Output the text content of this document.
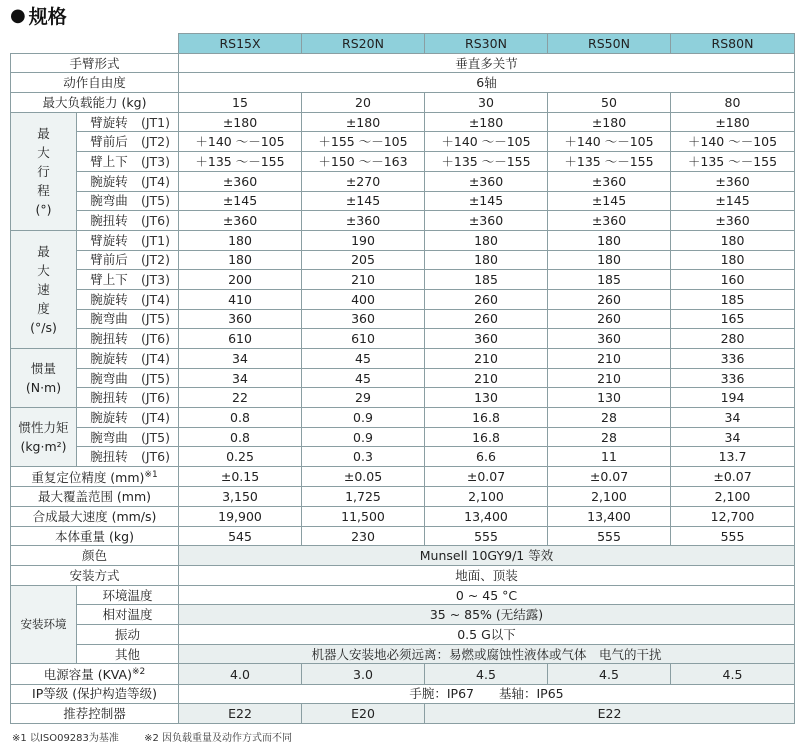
● 规格
		RS15X	RS20N	RS30N	RS50N	RS80N
手臂形式		垂直多关节				
动作自由度		6轴				
最大负载能力 (kg)		15	20	30	50	80
最
大
行
程
(°)	臂旋转 (JT1)	±180	±180	±180	±180	±180
	臂前后 (JT2)	＋140 ～－105	＋155 ～－105	＋140 ～－105	＋140 ～－105	＋140 ～－105
	臂上下 (JT3)	＋135 ～－155	＋150 ～－163	＋135 ～－155	＋135 ～－155	＋135 ～－155
	腕旋转 (JT4)	±360	±270	±360	±360	±360
	腕弯曲 (JT5)	±145	±145	±145	±145	±145
	腕扭转 (JT6)	±360	±360	±360	±360	±360
最
大
速
度
(°/s)	臂旋转 (JT1)	180	190	180	180	180
	臂前后 (JT2)	180	205	180	180	180
	臂上下 (JT3)	200	210	185	185	160
	腕旋转 (JT4)	410	400	260	260	185
	腕弯曲 (JT5)	360	360	260	260	165
	腕扭转 (JT6)	610	610	360	360	280
惯量
(N·m)	腕旋转 (JT4)	34	45	210	210	336
	腕弯曲 (JT5)	34	45	210	210	336
	腕扭转 (JT6)	22	29	130	130	194
惯性力矩
(kg·m²)	腕旋转 (JT4)	0.8	0.9	16.8	28	34
	腕弯曲 (JT5)	0.8	0.9	16.8	28	34
	腕扭转 (JT6)	0.25	0.3	6.6	11	13.7
重复定位精度 (mm)$^{※1}$		±0.15	±0.05	±0.07	±0.07	±0.07
最大覆盖范围 (mm)		3,150	1,725	2,100	2,100	2,100
合成最大速度 (mm/s)		19,900	11,500	13,400	13,400	12,700
本体重量 (kg)		545	230	555	555	555
颜色		Munsell 10GY9/1 等效				
安装方式		地面、顶装				
安装环境	环境温度	0 ~ 45 °C				
	相对温度	35 ~ 85% (无结露)				
	振动	0.5 G以下				
	其他	机器人安装地必须远离：易燃或腐蚀性液体或气体　电气的干扰				
电源容量 (KVA)$^{※2}$		4.0	3.0	4.5	4.5	4.5
IP等级 (保护构造等级)		手腕：IP67　　基轴：IP65				
推荐控制器		E22	E20	E22		
※1 以ISO09283为基准	※2 因负载重量及动作方式而不同
